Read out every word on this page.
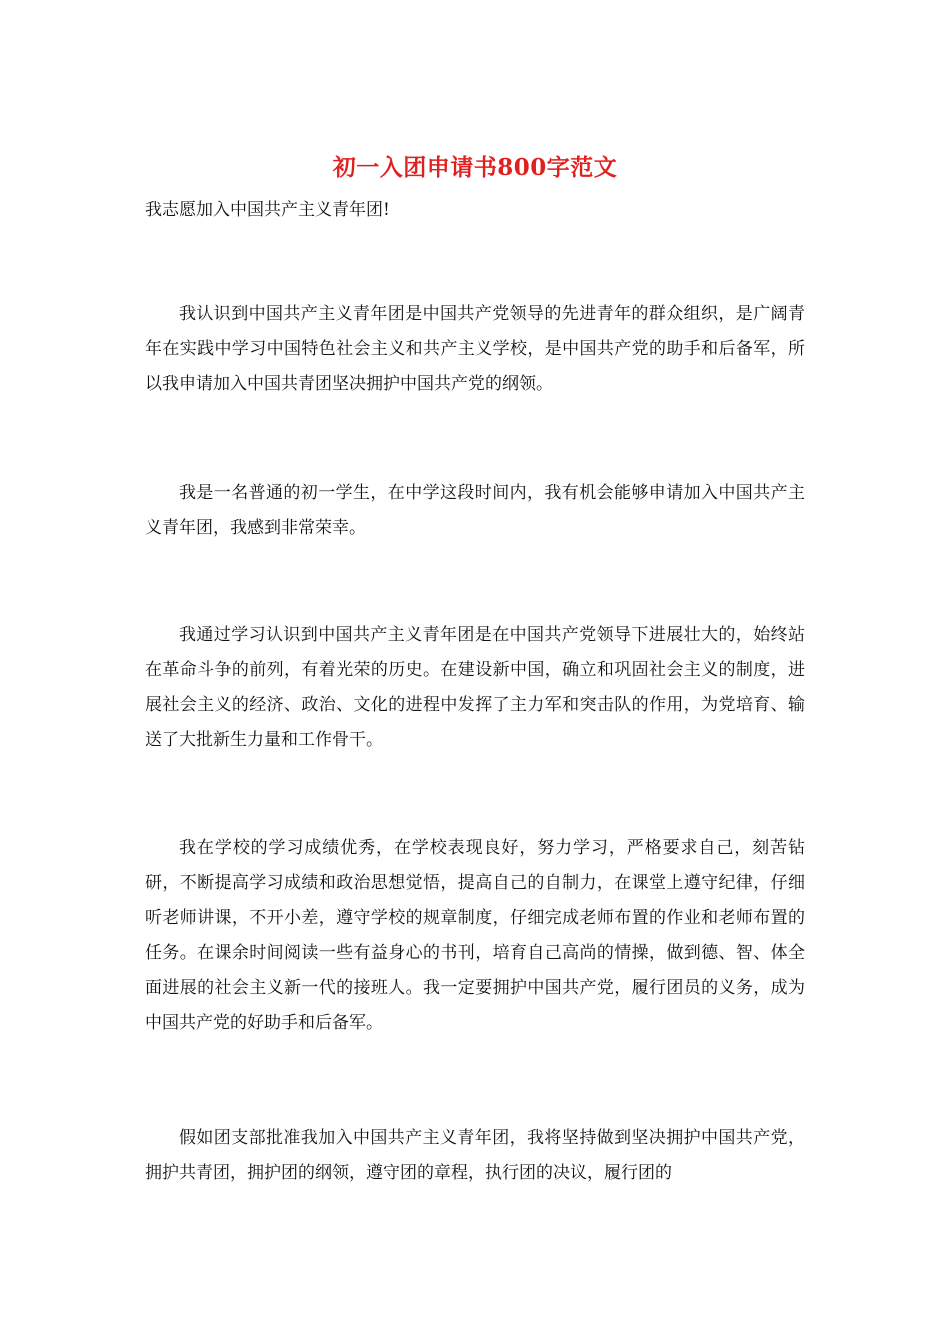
初一入团申请书800字范文

我志愿加入中国共产主义青年团!

我认识到中国共产主义青年团是中国共产党领导的先进青年的群众组织，是广阔青年在实践中学习中国特色社会主义和共产主义学校，是中国共产党的助手和后备军，所以我申请加入中国共青团坚决拥护中国共产党的纲领。

我是一名普通的初一学生，在中学这段时间内，我有机会能够申请加入中国共产主义青年团，我感到非常荣幸。

我通过学习认识到中国共产主义青年团是在中国共产党领导下进展壮大的，始终站在革命斗争的前列，有着光荣的历史。在建设新中国，确立和巩固社会主义的制度，进展社会主义的经济、政治、文化的进程中发挥了主力军和突击队的作用，为党培育、输送了大批新生力量和工作骨干。

我在学校的学习成绩优秀，在学校表现良好，努力学习，严格要求自己，刻苦钻研，不断提高学习成绩和政治思想觉悟，提高自己的自制力，在课堂上遵守纪律，仔细听老师讲课，不开小差，遵守学校的规章制度，仔细完成老师布置的作业和老师布置的任务。在课余时间阅读一些有益身心的书刊，培育自己高尚的情操，做到德、智、体全面进展的社会主义新一代的接班人。我一定要拥护中国共产党，履行团员的义务，成为中国共产党的好助手和后备军。

假如团支部批准我加入中国共产主义青年团，我将坚持做到坚决拥护中国共产党，拥护共青团，拥护团的纲领，遵守团的章程，执行团的决议，履行团的
